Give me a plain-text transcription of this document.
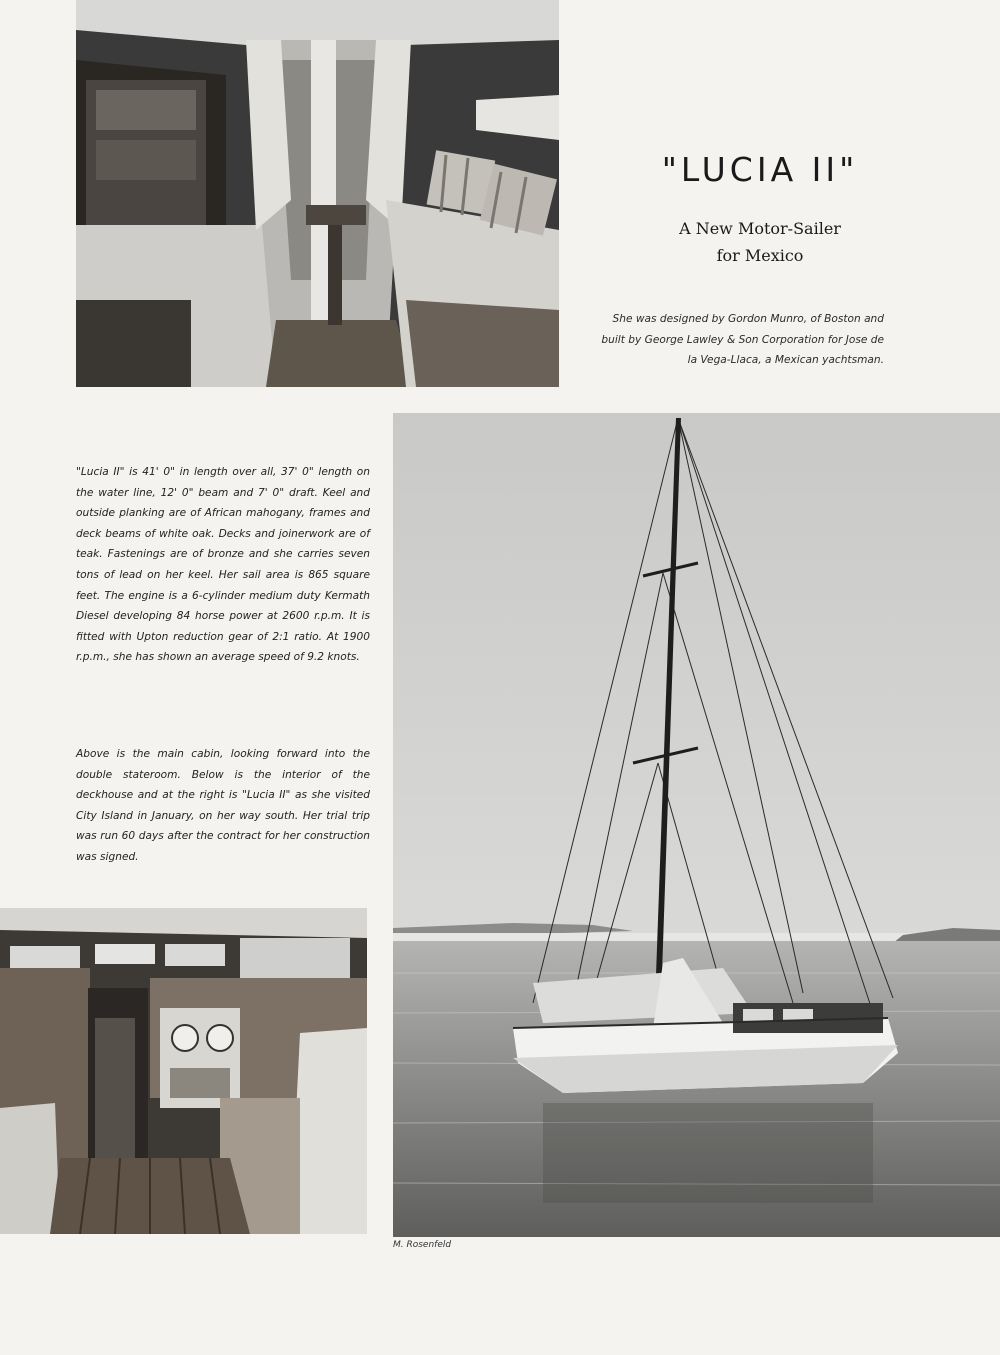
"LUCIA II"
A New Motor-Sailer
for Mexico

She was designed by Gordon Munro, of Boston and built by George Lawley & Son Corporation for Jose de la Vega-Llaca, a Mexican yachtsman.

"Lucia II" is 41' 0" in length over all, 37' 0" length on the water line, 12' 0" beam and 7' 0" draft. Keel and outside planking are of African mahogany, frames and deck beams of white oak. Decks and joinerwork are of teak. Fastenings are of bronze and she carries seven tons of lead on her keel. Her sail area is 865 square feet. The engine is a 6-cylinder medium duty Kermath Diesel developing 84 horse power at 2600 r.p.m. It is fitted with Upton reduction gear of 2:1 ratio. At 1900 r.p.m., she has shown an average speed of 9.2 knots.

Above is the main cabin, looking forward into the double stateroom. Below is the interior of the deckhouse and at the right is "Lucia II" as she visited City Island in January, on her way south. Her trial trip was run 60 days after the contract for her construction was signed.

M. Rosenfeld
